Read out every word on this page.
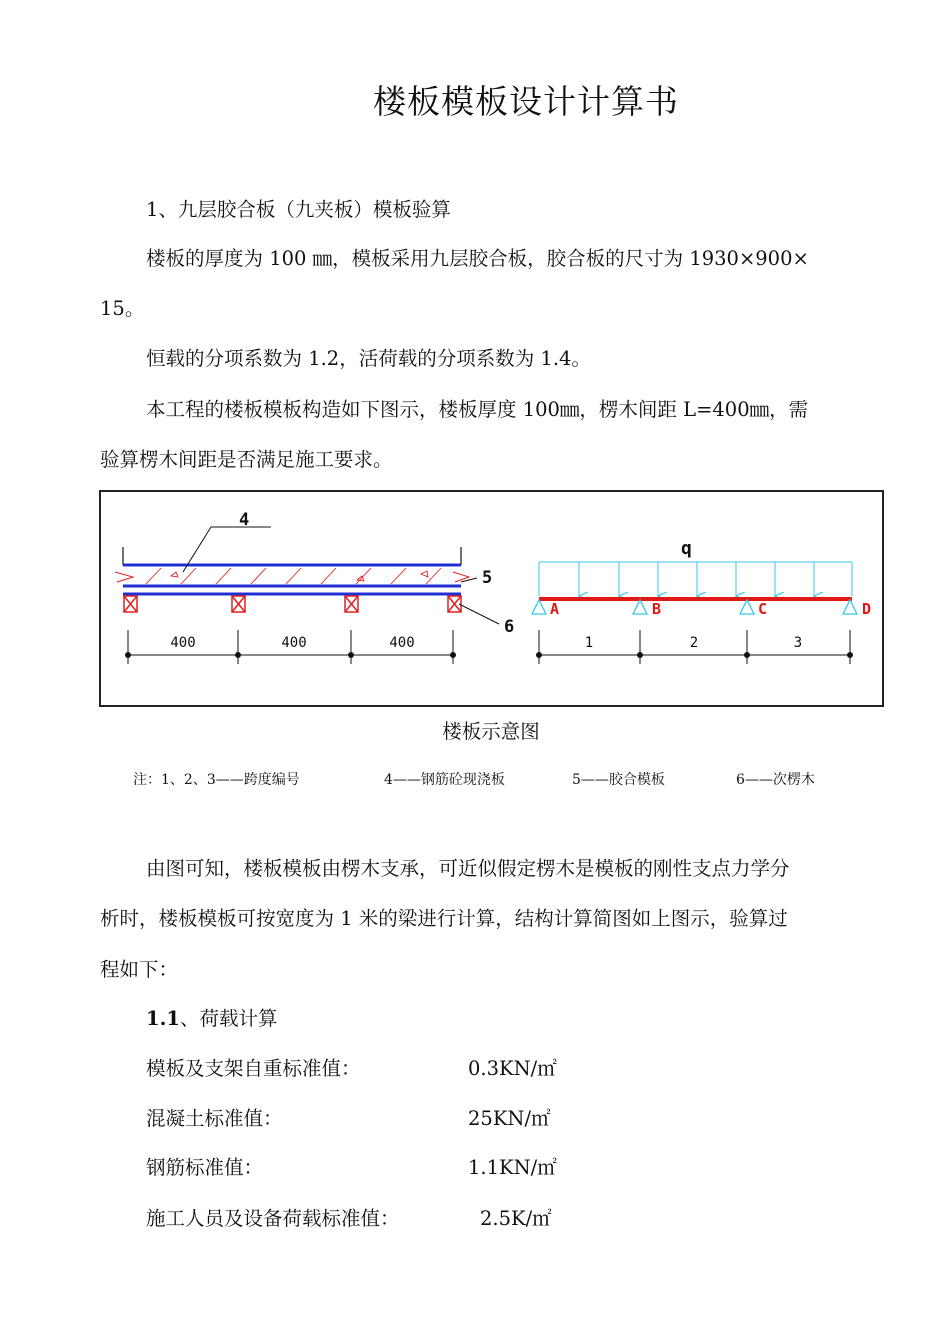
楼板模板设计计算书
1、九层胶合板（九夹板）模板验算
楼板的厚度为 100 ㎜，模板采用九层胶合板，胶合板的尺寸为 1930×900×
15。
恒载的分项系数为 1.2，活荷载的分项系数为 1.4。
本工程的楼板模板构造如下图示，楼板厚度 100㎜，楞木间距 L=400㎜，需
验算楞木间距是否满足施工要求。
4
5
6
400	400	400
q
A	B	C	D
1	2	3
楼板示意图
注：1、2、3——跨度编号	4——钢筋砼现浇板	5——胶合模板	6——次楞木
由图可知，楼板模板由楞木支承，可近似假定楞木是模板的刚性支点力学分
析时，楼板模板可按宽度为 1 米的梁进行计算，结构计算简图如上图示，验算过
程如下：
1.1、荷载计算
模板及支架自重标准值：	0.3KN/㎡
混凝土标准值：	25KN/㎡
钢筋标准值：	1.1KN/㎡
施工人员及设备荷载标准值：	2.5K/㎡
